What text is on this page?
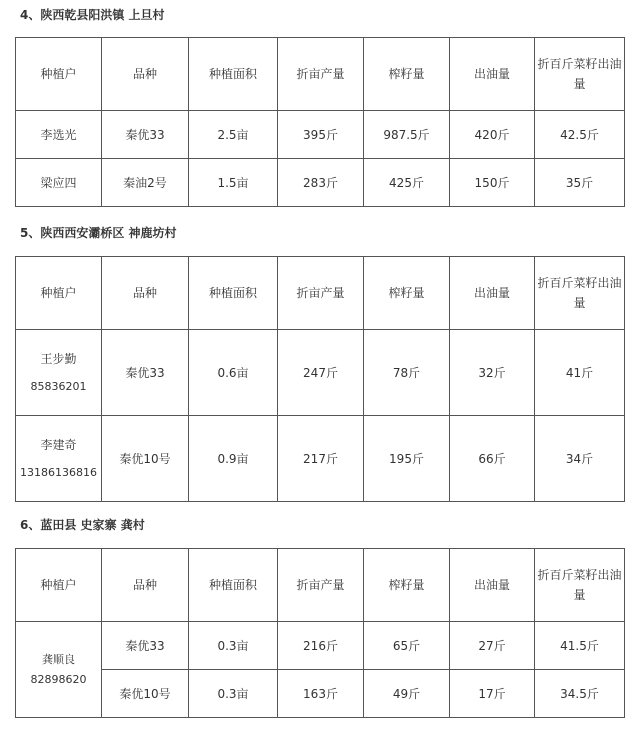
4、陕西乾县阳洪镇 上旦村
种植户	品种	种植面积	折亩产量	榨籽量	出油量	折百斤菜籽出油量
李选光	秦优33	2.5亩	395斤	987.5斤	420斤	42.5斤
梁应四	秦油2号	1.5亩	283斤	425斤	150斤	35斤
5、陕西西安灞桥区 神鹿坊村
种植户	品种	种植面积	折亩产量	榨籽量	出油量	折百斤菜籽出油量

王步勤
85836201	秦优33	0.6亩	247斤	78斤	32斤	41斤

李建奇
13186136816	秦优10号	0.9亩	217斤	195斤	66斤	34斤
6、蓝田县 史家寨 龚村
种植户	品种	种植面积	折亩产量	榨籽量	出油量	折百斤菜籽出油量
龚顺良82898620	秦优33	0.3亩	216斤	65斤	27斤	41.5斤
	秦优10号	0.3亩	163斤	49斤	17斤	34.5斤
